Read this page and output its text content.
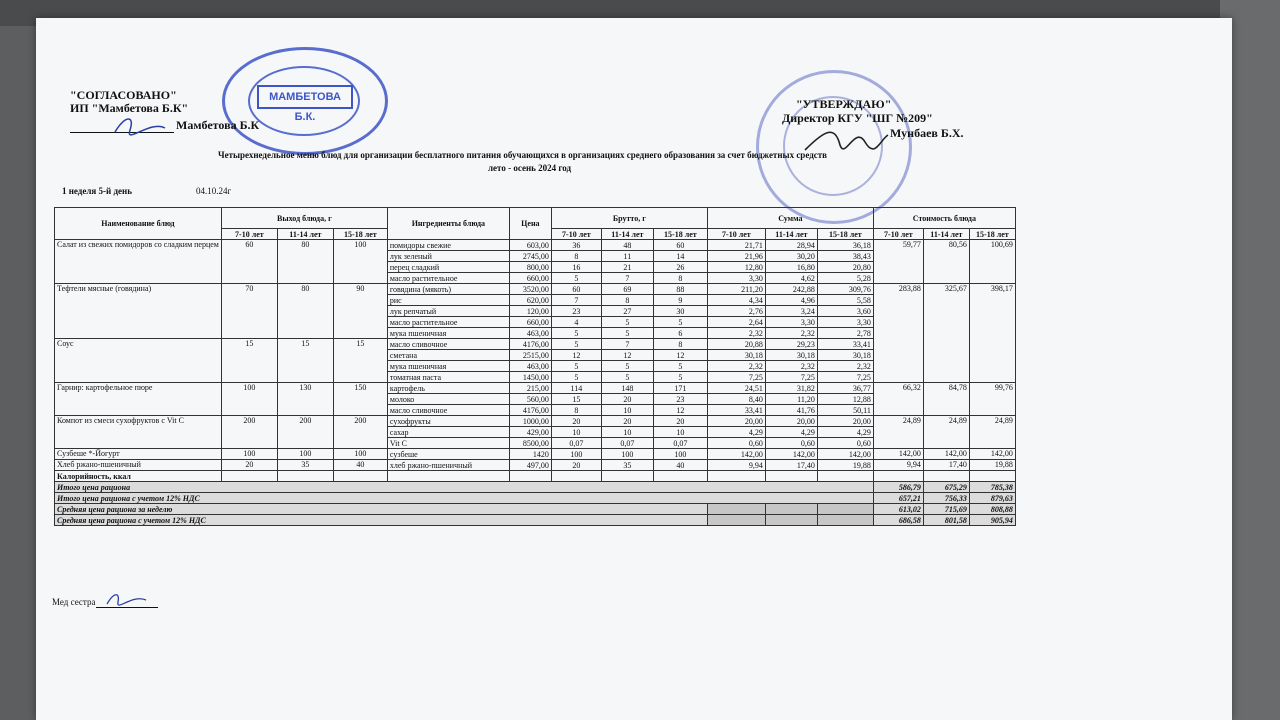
МАМБЕТОВА Б.К.
"СОГЛАСОВАНО"
ИП "Мамбетова Б.К"
Мамбетова Б.К
"УТВЕРЖДАЮ"
Директор КГУ "ШГ №209"
Мунбаев Б.Х.
Четырехнедельное меню блюд для организации бесплатного питания обучающихся в организациях среднего образования за счет бюджетных средств
лето - осень 2024 год
1 неделя 5-й день	04.10.24г
Наименование блюд	Выход блюда, г			Ингредиенты блюда	Цена	Брутто, г			Сумма			Стоимость блюда		
	7-10 лет	11-14 лет	15-18 лет			7-10 лет	11-14 лет	15-18 лет	7-10 лет	11-14 лет	15-18 лет	7-10 лет	11-14 лет	15-18 лет
Салат из свежих помидоров со сладким перцем	60	80	100	помидоры свежие	603,00	36	48	60	21,71	28,94	36,18	59,77	80,56	100,69
				лук зеленый	2745,00	8	11	14	21,96	30,20	38,43			
				перец сладкий	800,00	16	21	26	12,80	16,80	20,80			
				масло растительное	660,00	5	7	8	3,30	4,62	5,28			
Тефтели мясные (говядина)	70	80	90	говядина (мякоть)	3520,00	60	69	88	211,20	242,88	309,76	283,88	325,67	398,17
				рис	620,00	7	8	9	4,34	4,96	5,58			
				лук репчатый	120,00	23	27	30	2,76	3,24	3,60			
				масло растительное	660,00	4	5	5	2,64	3,30	3,30			
				мука пшеничная	463,00	5	5	6	2,32	2,32	2,78			
Соус	15	15	15	масло сливочное	4176,00	5	7	8	20,88	29,23	33,41			
				сметана	2515,00	12	12	12	30,18	30,18	30,18			
				мука пшеничная	463,00	5	5	5	2,32	2,32	2,32			
				томатная паста	1450,00	5	5	5	7,25	7,25	7,25			
Гарнир: картофельное пюре	100	130	150	картофель	215,00	114	148	171	24,51	31,82	36,77	66,32	84,78	99,76
				молоко	560,00	15	20	23	8,40	11,20	12,88			
				масло сливочное	4176,00	8	10	12	33,41	41,76	50,11			
Компот из смеси сухофруктов с Vit C	200	200	200	сухофрукты	1000,00	20	20	20	20,00	20,00	20,00	24,89	24,89	24,89
				сахар	429,00	10	10	10	4,29	4,29	4,29			
				Vit C	8500,00	0,07	0,07	0,07	0,60	0,60	0,60			
Сузбеше *-Йогурт	100	100	100	сузбеше	1420	100	100	100	142,00	142,00	142,00	142,00	142,00	142,00
Хлеб ржано-пшеничный	20	35	40	хлеб ржано-пшеничный	497,00	20	35	40	9,94	17,40	19,88	9,94	17,40	19,88
Калорийность, ккал														
Итого цена рациона												586,79	675,29	785,38
Итого цена рациона с учетом 12% НДС												657,21	756,33	879,63
Средняя цена рациона за неделю												613,02	715,69	808,88
Средняя цена рациона с учетом 12% НДС												686,58	801,58	905,94
Мед сестра
